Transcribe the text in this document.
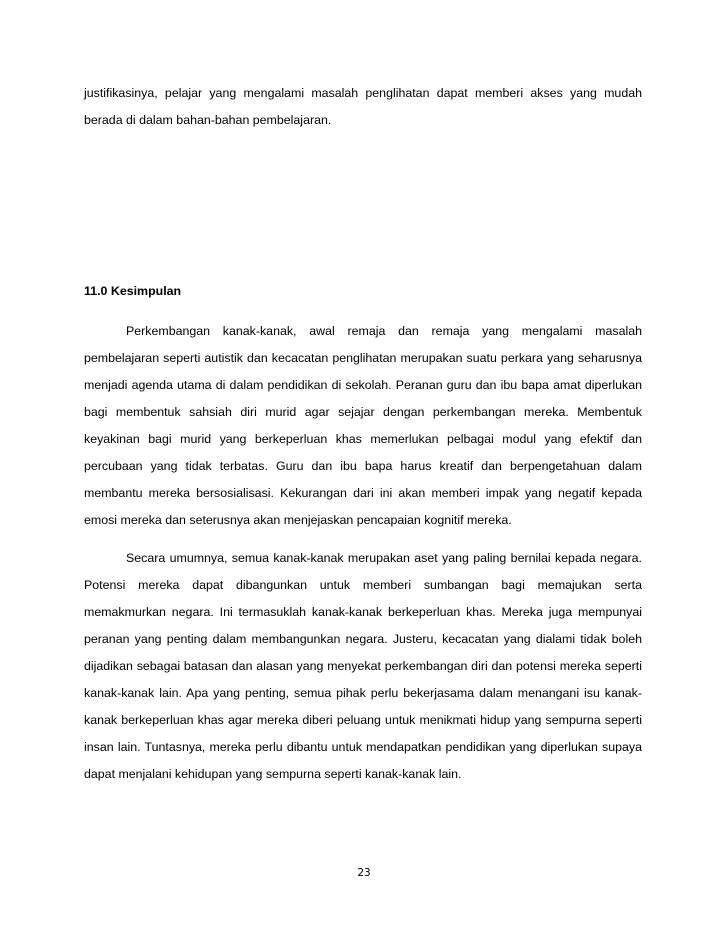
justifikasinya, pelajar yang mengalami masalah penglihatan dapat memberi akses yang mudah berada di dalam bahan-bahan pembelajaran.

11.0 Kesimpulan

Perkembangan kanak-kanak, awal remaja dan remaja yang mengalami masalah pembelajaran seperti autistik dan kecacatan penglihatan merupakan suatu perkara yang seharusnya menjadi agenda utama di dalam pendidikan di sekolah. Peranan guru dan ibu bapa amat diperlukan bagi membentuk sahsiah diri murid agar sejajar dengan perkembangan mereka. Membentuk keyakinan bagi murid yang berkeperluan khas memerlukan pelbagai modul yang efektif dan percubaan yang tidak terbatas. Guru dan ibu bapa harus kreatif dan berpengetahuan dalam membantu mereka bersosialisasi. Kekurangan dari ini akan memberi impak yang negatif kepada emosi mereka dan seterusnya akan menjejaskan pencapaian kognitif mereka.

Secara umumnya, semua kanak-kanak merupakan aset yang paling bernilai kepada negara. Potensi mereka dapat dibangunkan untuk memberi sumbangan bagi memajukan serta memakmurkan negara. Ini termasuklah kanak-kanak berkeperluan khas. Mereka juga mempunyai peranan yang penting dalam membangunkan negara. Justeru, kecacatan yang dialami tidak boleh dijadikan sebagai batasan dan alasan yang menyekat perkembangan diri dan potensi mereka seperti kanak-kanak lain. Apa yang penting, semua pihak perlu bekerjasama dalam menangani isu kanak-kanak berkeperluan khas agar mereka diberi peluang untuk menikmati hidup yang sempurna seperti insan lain. Tuntasnya, mereka perlu dibantu untuk mendapatkan pendidikan yang diperlukan supaya dapat menjalani kehidupan yang sempurna seperti kanak-kanak lain.

23
